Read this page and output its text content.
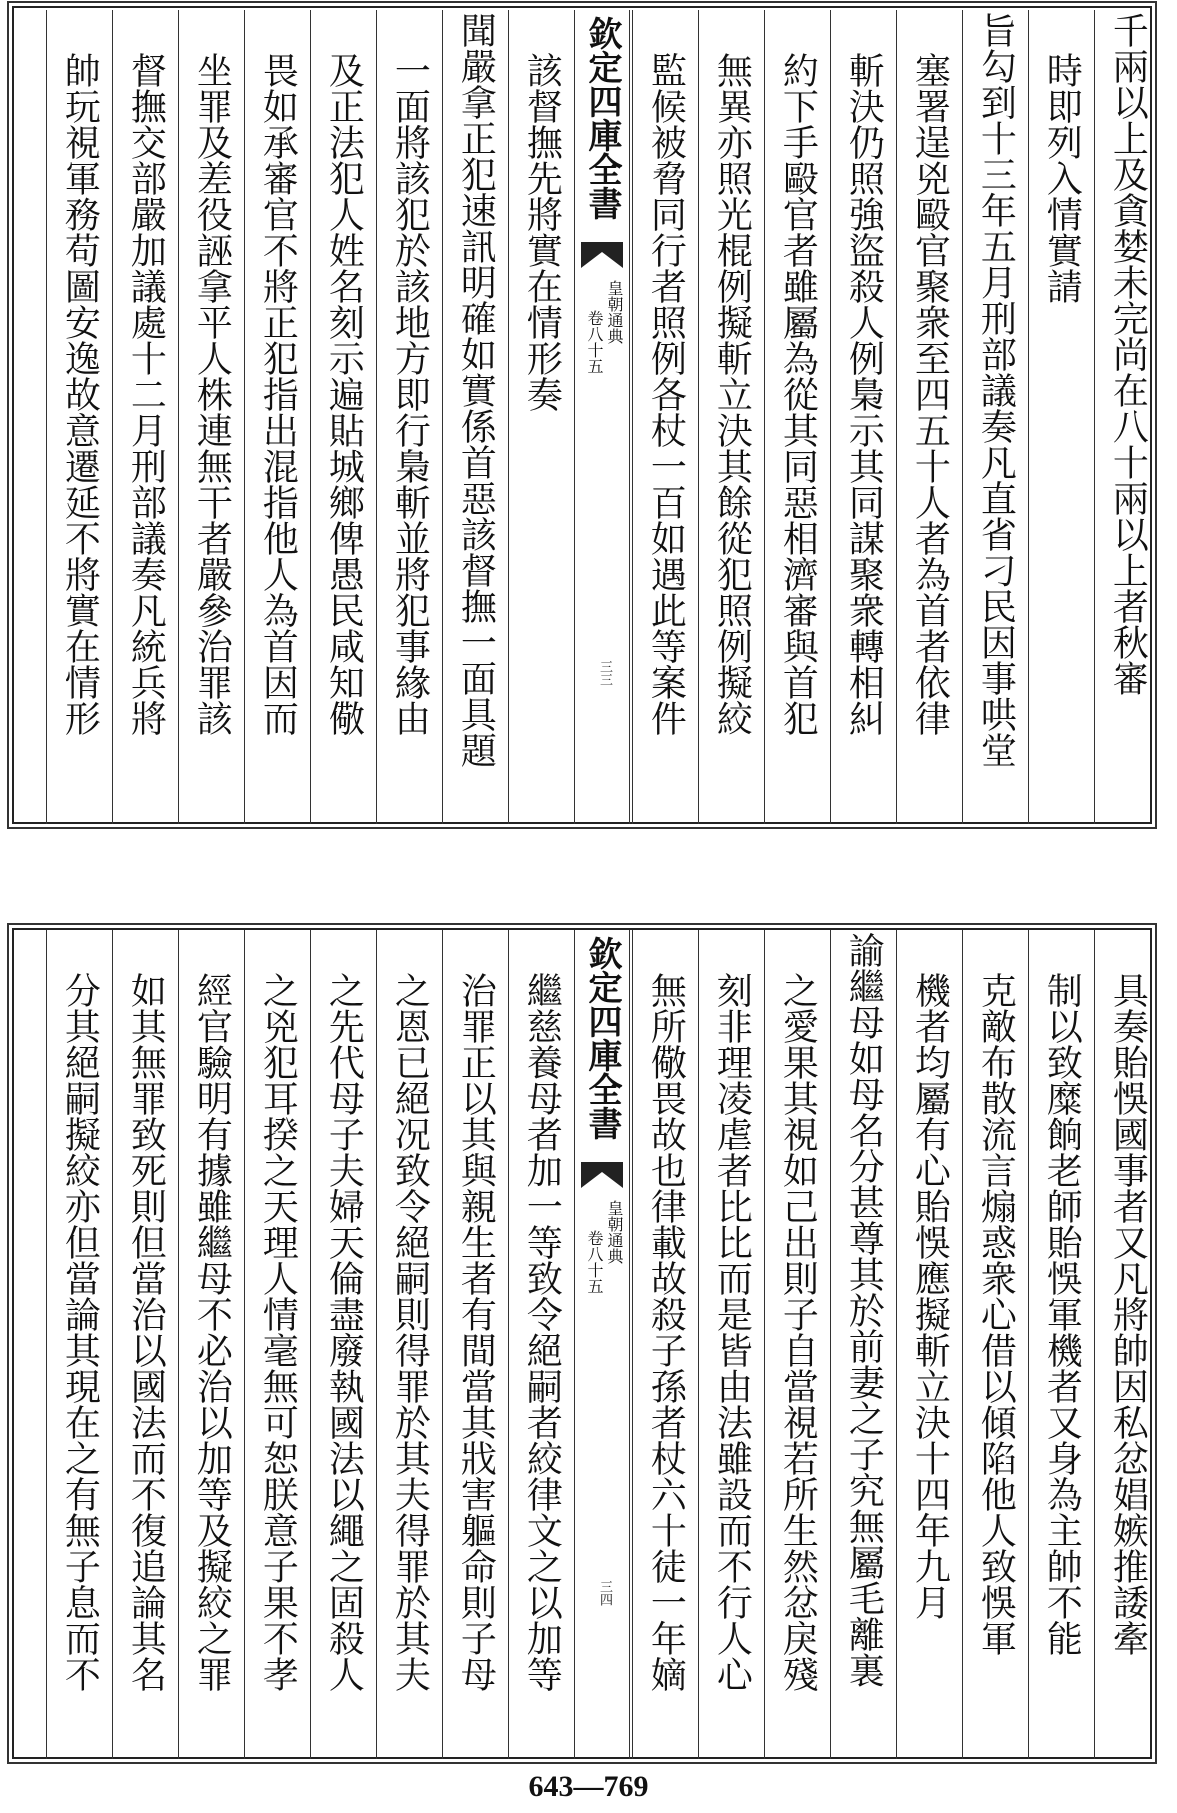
千兩以上及貪婪未完尚在八十兩以上者秋審
時即列入情實請
旨勾到十三年五月刑部議奏凡直省刁民因事哄堂
塞署逞兇毆官聚衆至四五十人者為首者依律
斬決仍照強盜殺人例梟示其同謀聚衆轉相糾
約下手毆官者雖屬為從其同惡相濟審與首犯
無異亦照光棍例擬斬立決其餘從犯照例擬絞
監候被脅同行者照例各杖一百如遇此等案件
欽定四庫全書
皇朝通典
卷八十五
三三
該督撫先將實在情形奏
聞嚴拿正犯速訊明確如實係首惡該督撫一面具題
一面將該犯於該地方即行梟斬並將犯事緣由
及正法犯人姓名刻示遍貼城鄉俾愚民咸知儆
畏如承審官不將正犯指出混指他人為首因而
坐罪及差役誣拿平人株連無干者嚴參治罪該
督撫交部嚴加議處十二月刑部議奏凡統兵將
帥玩視軍務苟圖安逸故意遷延不將實在情形
具奏貽悞國事者又凡將帥因私忿娼嫉推諉牽
制以致糜餉老師貽悞軍機者又身為主帥不能
克敵布散流言煽惑衆心借以傾陷他人致悞軍
機者均屬有心貽悞應擬斬立決十四年九月
諭繼母如母名分甚尊其於前妻之子究無屬毛離裏
之愛果其視如己出則子自當視若所生然忿戾殘
刻非理凌虐者比比而是皆由法雖設而不行人心
無所儆畏故也律載故殺子孫者杖六十徒一年嫡
欽定四庫全書
皇朝通典
卷八十五
三四
繼慈養母者加一等致令絕嗣者絞律文之以加等
治罪正以其與親生者有間當其戕害軀命則子母
之恩已絕况致令絕嗣則得罪於其夫得罪於其夫
之先代母子夫婦天倫盡廢執國法以繩之固殺人
之兇犯耳揆之天理人情毫無可恕朕意子果不孝
經官驗明有據雖繼母不必治以加等及擬絞之罪
如其無罪致死則但當治以國法而不復追論其名
分其絕嗣擬絞亦但當論其現在之有無子息而不
643—769
